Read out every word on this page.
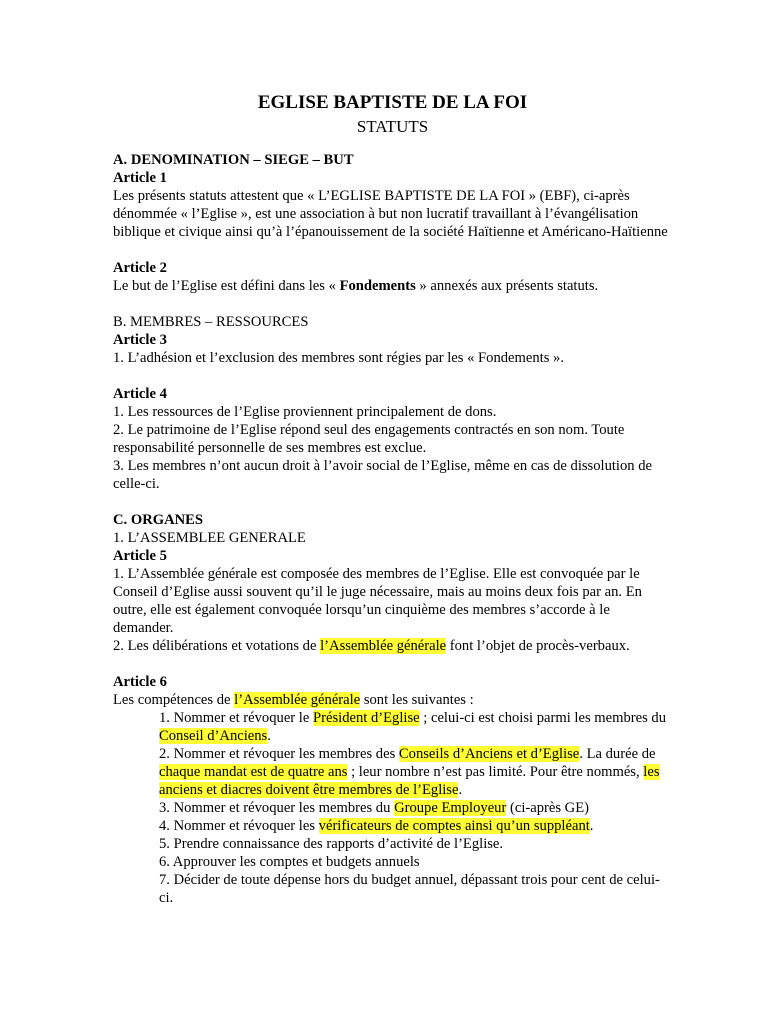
EGLISE BAPTISTE DE LA FOI
STATUTS

A. DENOMINATION – SIEGE – BUT

Article 1

Les présents statuts attestent que « L’EGLISE BAPTISTE DE LA FOI » (EBF), ci-après dénommée « l’Eglise », est une association à but non lucratif travaillant à l’évangélisation biblique et civique ainsi qu’à l’épanouissement de la société Haïtienne et Américano-Haïtienne

Article 2

Le but de l’Eglise est défini dans les « Fondements » annexés aux présents statuts.

B. MEMBRES – RESSOURCES

Article 3

1. L’adhésion et l’exclusion des membres sont régies par les « Fondements ».

Article 4

1. Les ressources de l’Eglise proviennent principalement de dons.

2. Le patrimoine de l’Eglise répond seul des engagements contractés en son nom. Toute responsabilité personnelle de ses membres est exclue.

3. Les membres n’ont aucun droit à l’avoir social de l’Eglise, même en cas de dissolution de celle-ci.

C. ORGANES

1. L’ASSEMBLEE GENERALE

Article 5

1. L’Assemblée générale est composée des membres de l’Eglise. Elle est convoquée par le Conseil d’Eglise aussi souvent qu’il le juge nécessaire, mais au moins deux fois par an. En outre, elle est également convoquée lorsqu’un cinquième des membres s’accorde à le demander.

2. Les délibérations et votations de l’Assemblée générale font l’objet de procès-verbaux.

Article 6

Les compétences de l’Assemblée générale sont les suivantes :

1. Nommer et révoquer le Président d’Eglise ; celui-ci est choisi parmi les membres du Conseil d’Anciens.

2. Nommer et révoquer les membres des Conseils d’Anciens et d’Eglise. La durée de chaque mandat est de quatre ans ; leur nombre n’est pas limité. Pour être nommés, les anciens et diacres doivent être membres de l’Eglise.

3. Nommer et révoquer les membres du Groupe Employeur (ci-après GE)

4. Nommer et révoquer les vérificateurs de comptes ainsi qu’un suppléant.

5. Prendre connaissance des rapports d’activité de l’Eglise.

6. Approuver les comptes et budgets annuels

7. Décider de toute dépense hors du budget annuel, dépassant trois pour cent de celui-ci.
